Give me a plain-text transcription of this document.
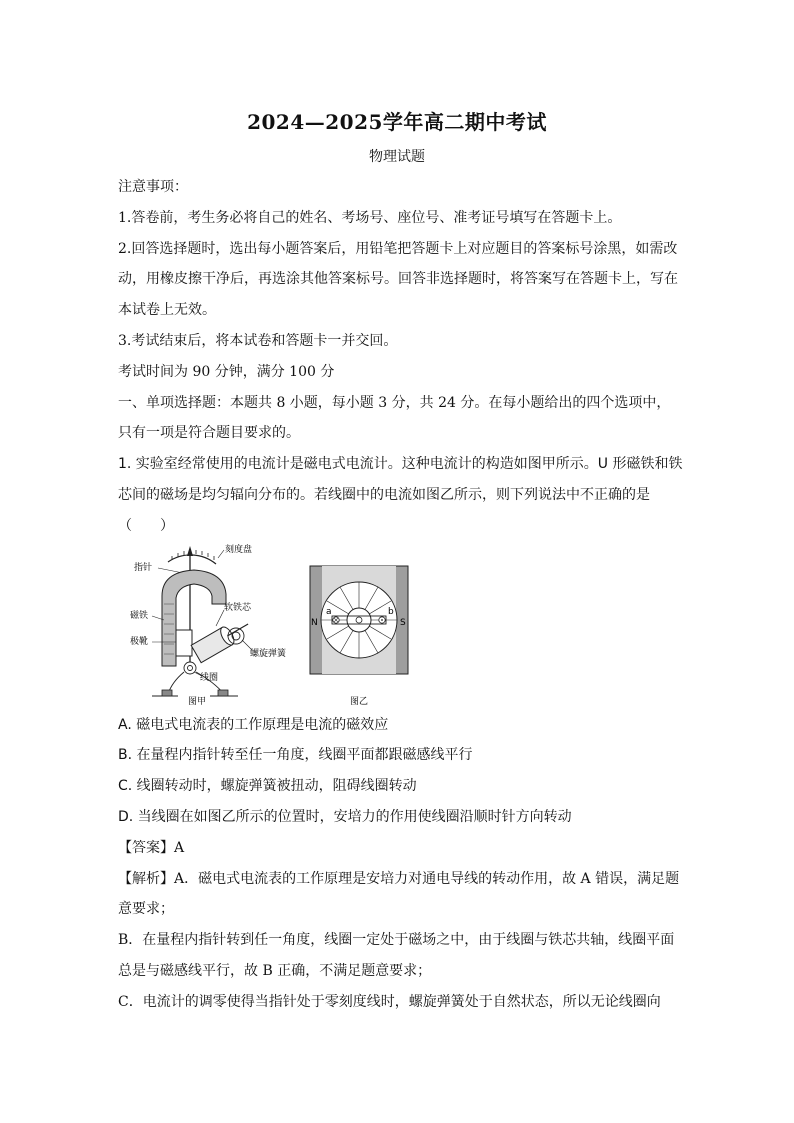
2024—2025学年高二期中考试
物理试题

注意事项：

1.答卷前，考生务必将自己的姓名、考场号、座位号、准考证号填写在答题卡上。

2.回答选择题时，选出每小题答案后，用铅笔把答题卡上对应题目的答案标号涂黑，如需改动，用橡皮擦干净后，再选涂其他答案标号。回答非选择题时，将答案写在答题卡上，写在本试卷上无效。

3.考试结束后，将本试卷和答题卡一并交回。

考试时间为 90 分钟，满分 100 分

一、单项选择题：本题共 8 小题，每小题 3 分，共 24 分。在每小题给出的四个选项中，只有一项是符合题目要求的。

1. 实验室经常使用的电流计是磁电式电流计。这种电流计的构造如图甲所示。U 形磁铁和铁芯间的磁场是均匀辐向分布的。若线圈中的电流如图乙所示，则下列说法中不正确的是（　　）

刻度盘
指针
磁铁
极靴
软铁芯
螺旋弹簧
线圈
图甲
N	S
a	b
图乙

A. 磁电式电流表的工作原理是电流的磁效应

B. 在量程内指针转至任一角度，线圈平面都跟磁感线平行

C. 线圈转动时，螺旋弹簧被扭动，阻碍线圈转动

D. 当线圈在如图乙所示的位置时，安培力的作用使线圈沿顺时针方向转动

【答案】A

【解析】A．磁电式电流表的工作原理是安培力对通电导线的转动作用，故 A 错误，满足题意要求；

B．在量程内指针转到任一角度，线圈一定处于磁场之中，由于线圈与铁芯共轴，线圈平面总是与磁感线平行，故 B 正确，不满足题意要求；

C．电流计的调零使得当指针处于零刻度线时，螺旋弹簧处于自然状态，所以无论线圈向
